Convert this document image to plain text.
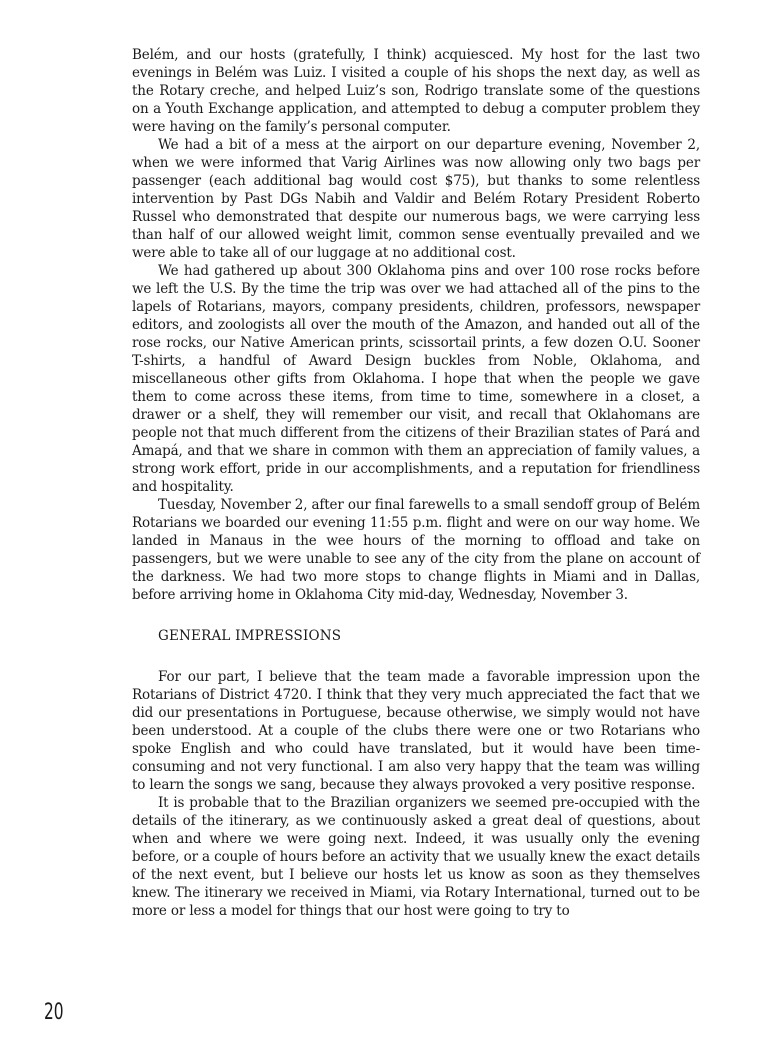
Belém, and our hosts (gratefully, I think) acquiesced. My host for the last two evenings in Belém was Luiz. I visited a couple of his shops the next day, as well as the Rotary creche, and helped Luiz’s son, Rodrigo translate some of the questions on a Youth Exchange application, and attempted to debug a computer problem they were having on the family’s personal computer.

We had a bit of a mess at the airport on our departure evening, November 2, when we were informed that Varig Airlines was now allowing only two bags per passenger (each additional bag would cost $75), but thanks to some relentless intervention by Past DGs Nabih and Valdir and Belém Rotary President Roberto Russel who demonstrated that despite our numerous bags, we were carrying less than half of our allowed weight limit, common sense eventually prevailed and we were able to take all of our luggage at no additional cost.

We had gathered up about 300 Oklahoma pins and over 100 rose rocks before we left the U.S. By the time the trip was over we had attached all of the pins to the lapels of Rotarians, mayors, company presidents, children, professors, newspaper editors, and zoologists all over the mouth of the Amazon, and handed out all of the rose rocks, our Native American prints, scissortail prints, a few dozen O.U. Sooner T-shirts, a handful of Award Design buckles from Noble, Oklahoma, and miscellaneous other gifts from Oklahoma. I hope that when the people we gave them to come across these items, from time to time, somewhere in a closet, a drawer or a shelf, they will remember our visit, and recall that Oklahomans are people not that much different from the citizens of their Brazilian states of Pará and Amapá, and that we share in common with them an appreciation of family values, a strong work effort, pride in our accomplishments, and a reputation for friendliness and hospitality.

Tuesday, November 2, after our final farewells to a small sendoff group of Belém Rotarians we boarded our evening 11:55 p.m. flight and were on our way home. We landed in Manaus in the wee hours of the morning to offload and take on passengers, but we were unable to see any of the city from the plane on account of the darkness. We had two more stops to change flights in Miami and in Dallas, before arriving home in Oklahoma City mid-day, Wednesday, November 3.

GENERAL IMPRESSIONS

For our part, I believe that the team made a favorable impression upon the Rotarians of District 4720. I think that they very much appreciated the fact that we did our presentations in Portuguese, because otherwise, we simply would not have been understood. At a couple of the clubs there were one or two Rotarians who spoke English and who could have translated, but it would have been time-consuming and not very functional. I am also very happy that the team was willing to learn the songs we sang, because they always provoked a very positive response.

It is probable that to the Brazilian organizers we seemed pre-occupied with the details of the itinerary, as we continuously asked a great deal of questions, about when and where we were going next. Indeed, it was usually only the evening before, or a couple of hours before an activity that we usually knew the exact details of the next event, but I believe our hosts let us know as soon as they themselves knew. The itinerary we received in Miami, via Rotary International, turned out to be more or less a model for things that our host were going to try to

20
